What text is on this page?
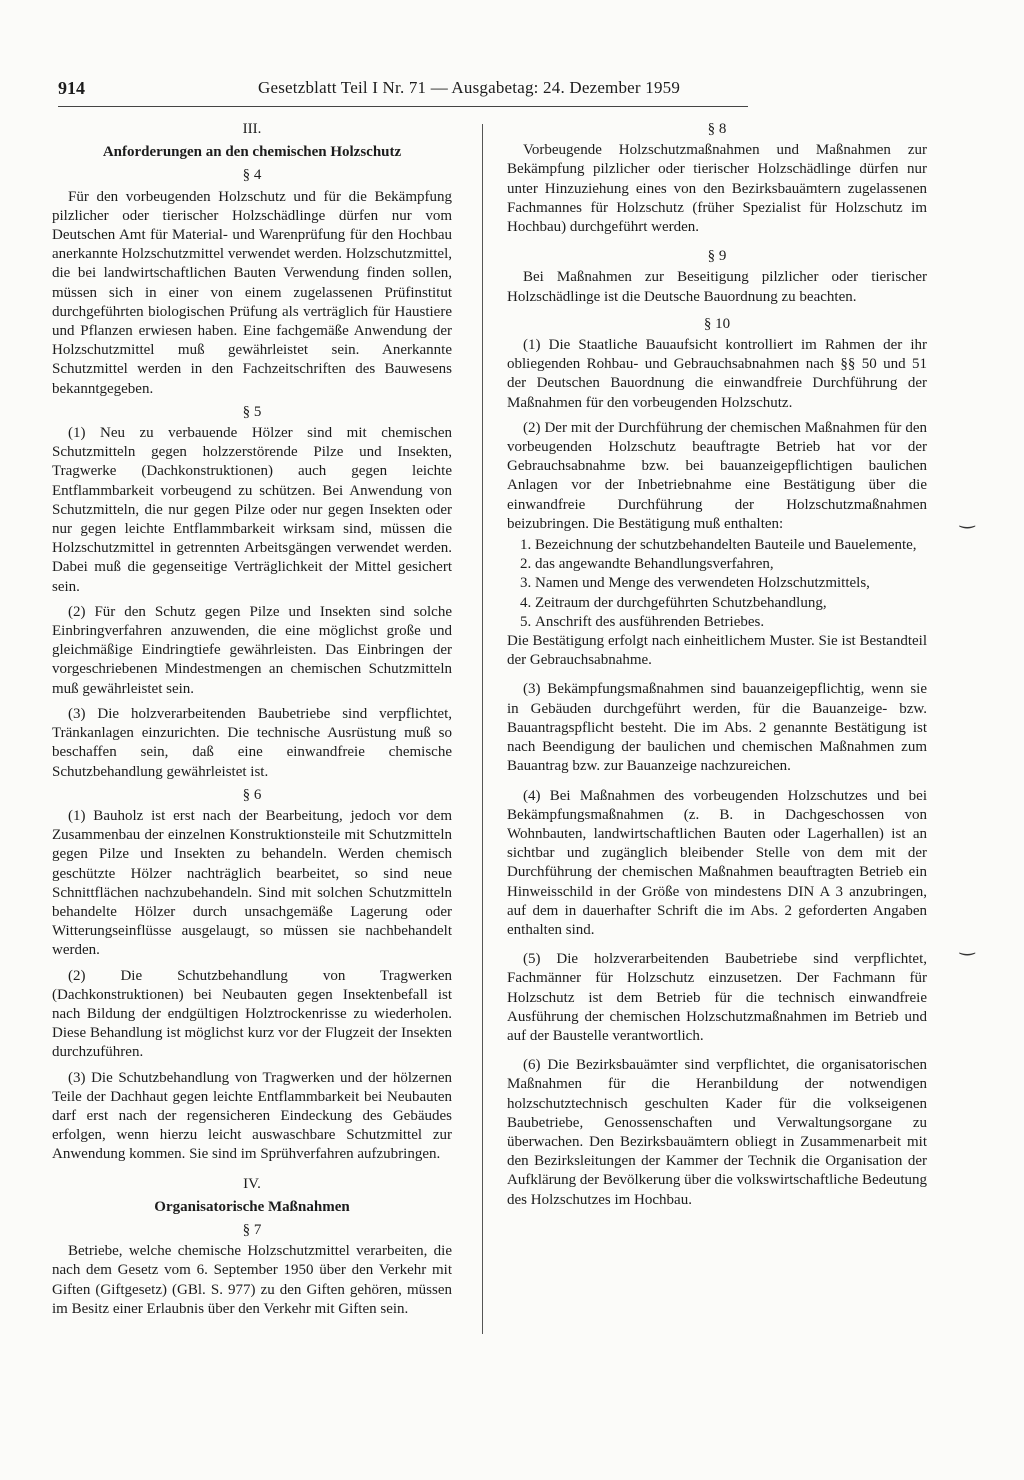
914	Gesetzblatt Teil I Nr. 71 — Ausgabetag: 24. Dezember 1959
III.
Anforderungen an den chemischen Holzschutz
§ 4

Für den vorbeugenden Holzschutz und für die Bekämpfung pilzlicher oder tierischer Holzschädlinge dürfen nur vom Deutschen Amt für Material- und Warenprüfung für den Hochbau anerkannte Holzschutzmittel verwendet werden. Holzschutzmittel, die bei landwirtschaftlichen Bauten Verwendung finden sollen, müssen sich in einer von einem zugelassenen Prüfinstitut durchgeführten biologischen Prüfung als verträglich für Haustiere und Pflanzen erwiesen haben. Eine fachgemäße Anwendung der Holzschutzmittel muß gewährleistet sein. Anerkannte Schutzmittel werden in den Fachzeitschriften des Bauwesens bekanntgegeben.

§ 5

(1) Neu zu verbauende Hölzer sind mit chemischen Schutzmitteln gegen holzzerstörende Pilze und Insekten, Tragwerke (Dachkonstruktionen) auch gegen leichte Entflammbarkeit vorbeugend zu schützen. Bei Anwendung von Schutzmitteln, die nur gegen Pilze oder nur gegen Insekten oder nur gegen leichte Entflammbarkeit wirksam sind, müssen die Holzschutzmittel in getrennten Arbeitsgängen verwendet werden. Dabei muß die gegenseitige Verträglichkeit der Mittel gesichert sein.

(2) Für den Schutz gegen Pilze und Insekten sind solche Einbringverfahren anzuwenden, die eine möglichst große und gleichmäßige Eindringtiefe gewährleisten. Das Einbringen der vorgeschriebenen Mindestmengen an chemischen Schutzmitteln muß gewährleistet sein.

(3) Die holzverarbeitenden Baubetriebe sind verpflichtet, Tränkanlagen einzurichten. Die technische Ausrüstung muß so beschaffen sein, daß eine einwandfreie chemische Schutzbehandlung gewährleistet ist.

§ 6

(1) Bauholz ist erst nach der Bearbeitung, jedoch vor dem Zusammenbau der einzelnen Konstruktionsteile mit Schutzmitteln gegen Pilze und Insekten zu behandeln. Werden chemisch geschützte Hölzer nachträglich bearbeitet, so sind neue Schnittflächen nachzubehandeln. Sind mit solchen Schutzmitteln behandelte Hölzer durch unsachgemäße Lagerung oder Witterungseinflüsse ausgelaugt, so müssen sie nachbehandelt werden.

(2) Die Schutzbehandlung von Tragwerken (Dachkonstruktionen) bei Neubauten gegen Insektenbefall ist nach Bildung der endgültigen Holztrockenrisse zu wiederholen. Diese Behandlung ist möglichst kurz vor der Flugzeit der Insekten durchzuführen.

(3) Die Schutzbehandlung von Tragwerken und der hölzernen Teile der Dachhaut gegen leichte Entflammbarkeit bei Neubauten darf erst nach der regensicheren Eindeckung des Gebäudes erfolgen, wenn hierzu leicht auswaschbare Schutzmittel zur Anwendung kommen. Sie sind im Sprühverfahren aufzubringen.

IV.
Organisatorische Maßnahmen
§ 7

Betriebe, welche chemische Holzschutzmittel verarbeiten, die nach dem Gesetz vom 6. September 1950 über den Verkehr mit Giften (Giftgesetz) (GBl. S. 977) zu den Giften gehören, müssen im Besitz einer Erlaubnis über den Verkehr mit Giften sein.

§ 8

Vorbeugende Holzschutzmaßnahmen und Maßnahmen zur Bekämpfung pilzlicher oder tierischer Holzschädlinge dürfen nur unter Hinzuziehung eines von den Bezirksbauämtern zugelassenen Fachmannes für Holzschutz (früher Spezialist für Holzschutz im Hochbau) durchgeführt werden.

§ 9

Bei Maßnahmen zur Beseitigung pilzlicher oder tierischer Holzschädlinge ist die Deutsche Bauordnung zu beachten.

§ 10

(1) Die Staatliche Bauaufsicht kontrolliert im Rahmen der ihr obliegenden Rohbau- und Gebrauchsabnahmen nach §§ 50 und 51 der Deutschen Bauordnung die einwandfreie Durchführung der Maßnahmen für den vorbeugenden Holzschutz.

(2) Der mit der Durchführung der chemischen Maßnahmen für den vorbeugenden Holzschutz beauftragte Betrieb hat vor der Gebrauchsabnahme bzw. bei bauanzeigepflichtigen baulichen Anlagen vor der Inbetriebnahme eine Bestätigung über die einwandfreie Durchführung der Holzschutzmaßnahmen beizubringen. Die Bestätigung muß enthalten:

1. Bezeichnung der schutzbehandelten Bauteile und Bauelemente,
2. das angewandte Behandlungsverfahren,
3. Namen und Menge des verwendeten Holzschutzmittels,
4. Zeitraum der durchgeführten Schutzbehandlung,
5. Anschrift des ausführenden Betriebes.

Die Bestätigung erfolgt nach einheitlichem Muster. Sie ist Bestandteil der Gebrauchsabnahme.

(3) Bekämpfungsmaßnahmen sind bauanzeigepflichtig, wenn sie in Gebäuden durchgeführt werden, für die Bauanzeige- bzw. Bauantragspflicht besteht. Die im Abs. 2 genannte Bestätigung ist nach Beendigung der baulichen und chemischen Maßnahmen zum Bauantrag bzw. zur Bauanzeige nachzureichen.

(4) Bei Maßnahmen des vorbeugenden Holzschutzes und bei Bekämpfungsmaßnahmen (z. B. in Dachgeschossen von Wohnbauten, landwirtschaftlichen Bauten oder Lagerhallen) ist an sichtbar und zugänglich bleibender Stelle von dem mit der Durchführung der chemischen Maßnahmen beauftragten Betrieb ein Hinweisschild in der Größe von mindestens DIN A 3 anzubringen, auf dem in dauerhafter Schrift die im Abs. 2 geforderten Angaben enthalten sind.

(5) Die holzverarbeitenden Baubetriebe sind verpflichtet, Fachmänner für Holzschutz einzusetzen. Der Fachmann für Holzschutz ist dem Betrieb für die technisch einwandfreie Ausführung der chemischen Holzschutzmaßnahmen im Betrieb und auf der Baustelle verantwortlich.

(6) Die Bezirksbauämter sind verpflichtet, die organisatorischen Maßnahmen für die Heranbildung der notwendigen holzschutztechnisch geschulten Kader für die volkseigenen Baubetriebe, Genossenschaften und Verwaltungsorgane zu überwachen. Den Bezirksbauämtern obliegt in Zusammenarbeit mit den Bezirksleitungen der Kammer der Technik die Organisation der Aufklärung der Bevölkerung über die volkswirtschaftliche Bedeutung des Holzschutzes im Hochbau.

‿
‿
